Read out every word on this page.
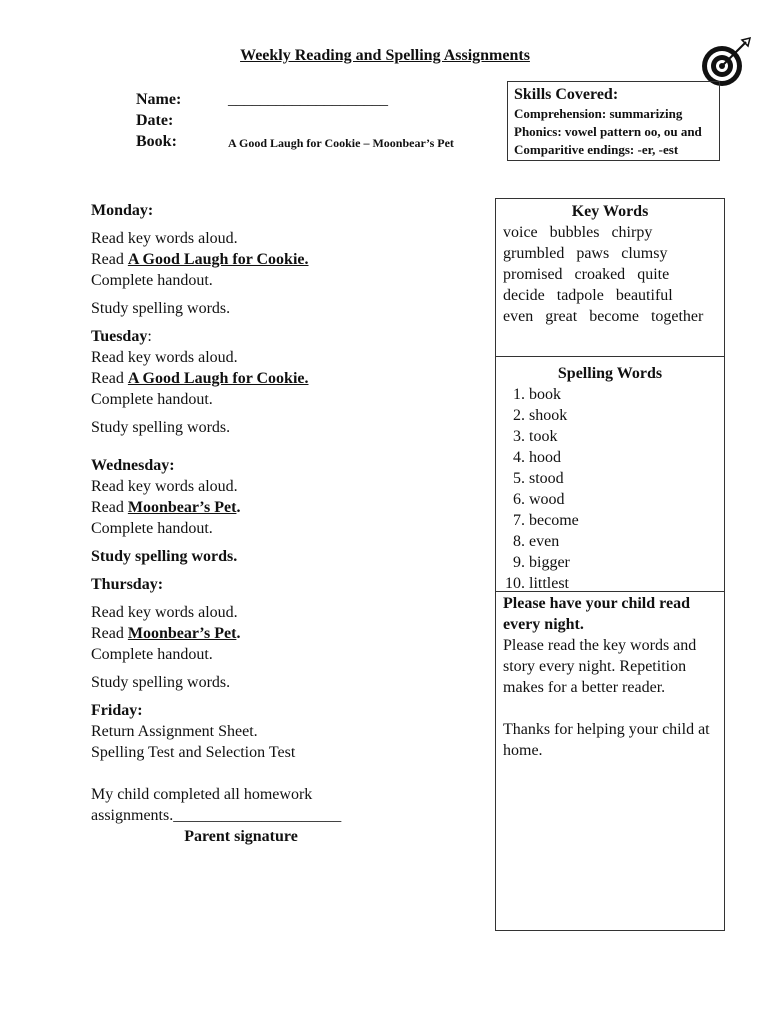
Weekly Reading and Spelling Assignments
Name:	____________________
Date:
Book:	A Good Laugh for Cookie – Moonbear’s Pet
Skills Covered:
Comprehension: summarizing
Phonics: vowel pattern oo, ou and
Comparitive endings: -er, -est
Monday:
Read key words aloud.
Read A Good Laugh for Cookie.
Complete handout.
Study spelling words.
Tuesday:
Read key words aloud.
Read A Good Laugh for Cookie.
Complete handout.
Study spelling words.
Wednesday:
Read key words aloud.
Read Moonbear’s Pet.
Complete handout.
Study spelling words.
Thursday:
Read key words aloud.
Read Moonbear’s Pet.
Complete handout.
Study spelling words.
Friday:
Return Assignment Sheet.
Spelling Test and Selection Test
My child completed all homework
assignments._____________________
Parent signature
Key Words
voice bubbles chirpy
grumbled paws clumsy
promised croaked quite
decide tadpole beautiful
even great become together
Spelling Words
1. book
2. shook
3. took
4. hood
5. stood
6. wood
7. become
8. even
9. bigger
10. littlest
Please have your child read every night.
Please read the key words and story every night. Repetition makes for a better reader.
Thanks for helping your child at home.
